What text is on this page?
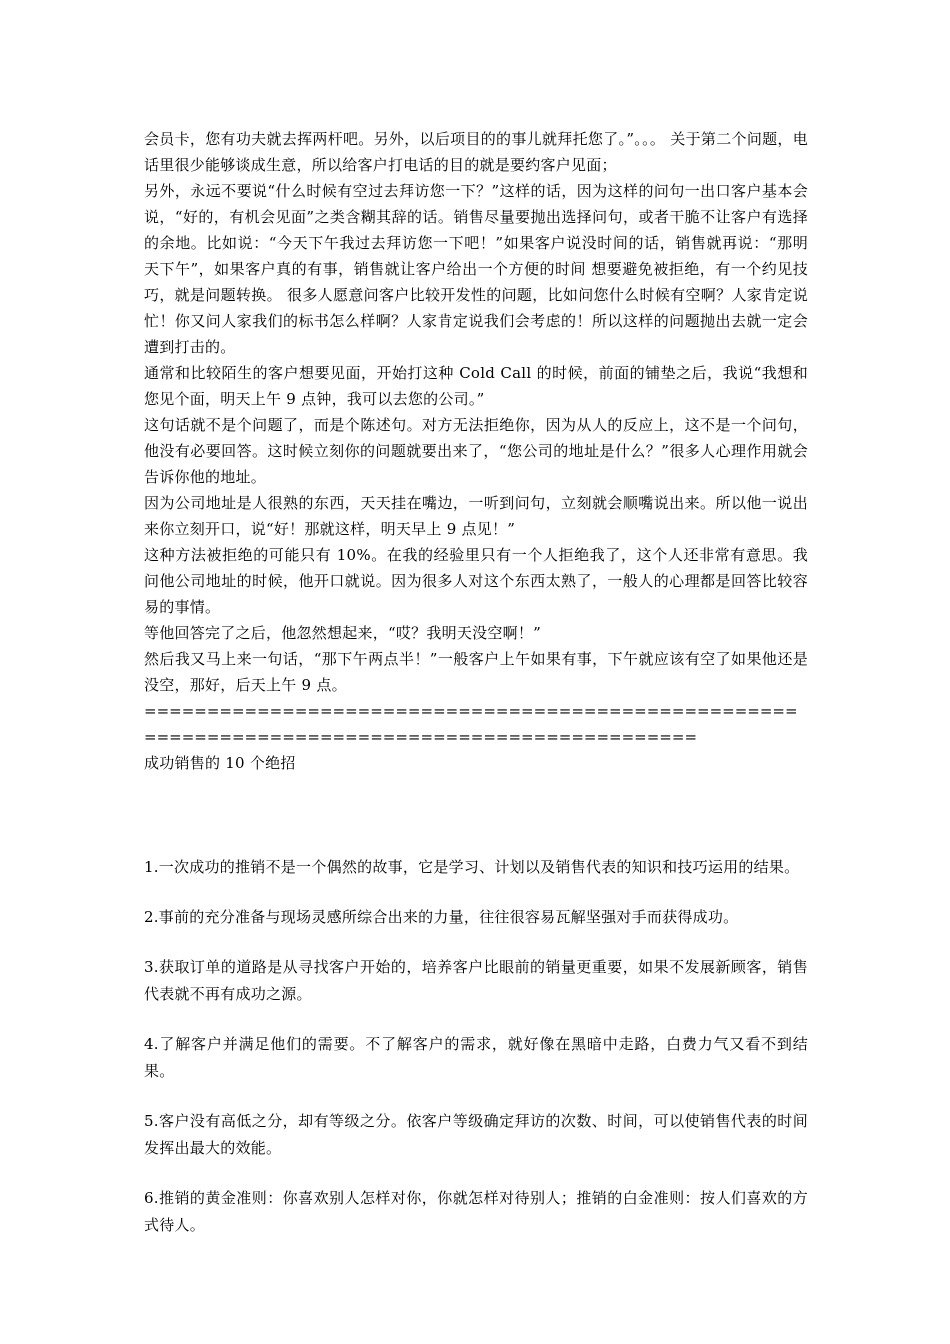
会员卡，您有功夫就去挥两杆吧。另外，以后项目的的事儿就拜托您了。”。。。 关于第二个问题，电话里很少能够谈成生意，所以给客户打电话的目的就是要约客户见面；

另外，永远不要说“什么时候有空过去拜访您一下？”这样的话，因为这样的问句一出口客户基本会说，“好的，有机会见面”之类含糊其辞的话。销售尽量要抛出选择问句，或者干脆不让客户有选择的余地。比如说：“今天下午我过去拜访您一下吧！”如果客户说没时间的话，销售就再说：“那明天下午”，如果客户真的有事，销售就让客户给出一个方便的时间 想要避免被拒绝，有一个约见技巧，就是问题转换。 很多人愿意问客户比较开发性的问题，比如问您什么时候有空啊？人家肯定说忙！你又问人家我们的标书怎么样啊？人家肯定说我们会考虑的！所以这样的问题抛出去就一定会遭到打击的。

通常和比较陌生的客户想要见面，开始打这种 Cold Call 的时候，前面的铺垫之后，我说“我想和您见个面，明天上午 9 点钟，我可以去您的公司。”

这句话就不是个问题了，而是个陈述句。对方无法拒绝你，因为从人的反应上，这不是一个问句，他没有必要回答。这时候立刻你的问题就要出来了，“您公司的地址是什么？”很多人心理作用就会告诉你他的地址。

因为公司地址是人很熟的东西，天天挂在嘴边，一听到问句，立刻就会顺嘴说出来。所以他一说出来你立刻开口，说“好！那就这样，明天早上 9 点见！”

这种方法被拒绝的可能只有 10%。在我的经验里只有一个人拒绝我了，这个人还非常有意思。我问他公司地址的时候，他开口就说。因为很多人对这个东西太熟了，一般人的心理都是回答比较容易的事情。

等他回答完了之后，他忽然想起来，“哎？我明天没空啊！”

然后我又马上来一句话，“那下午两点半！”一般客户上午如果有事，下午就应该有空了如果他还是没空，那好，后天上午 9 点。

================================================================================================

成功销售的 10 个绝招

1.一次成功的推销不是一个偶然的故事，它是学习、计划以及销售代表的知识和技巧运用的结果。
2.事前的充分准备与现场灵感所综合出来的力量，往往很容易瓦解坚强对手而获得成功。
3.获取订单的道路是从寻找客户开始的，培养客户比眼前的销量更重要，如果不发展新顾客，销售代表就不再有成功之源。
4.了解客户并满足他们的需要。不了解客户的需求，就好像在黑暗中走路，白费力气又看不到结果。
5.客户没有高低之分，却有等级之分。依客户等级确定拜访的次数、时间，可以使销售代表的时间发挥出最大的效能。
6.推销的黄金准则：你喜欢别人怎样对你，你就怎样对待别人；推销的白金准则：按人们喜欢的方式待人。
